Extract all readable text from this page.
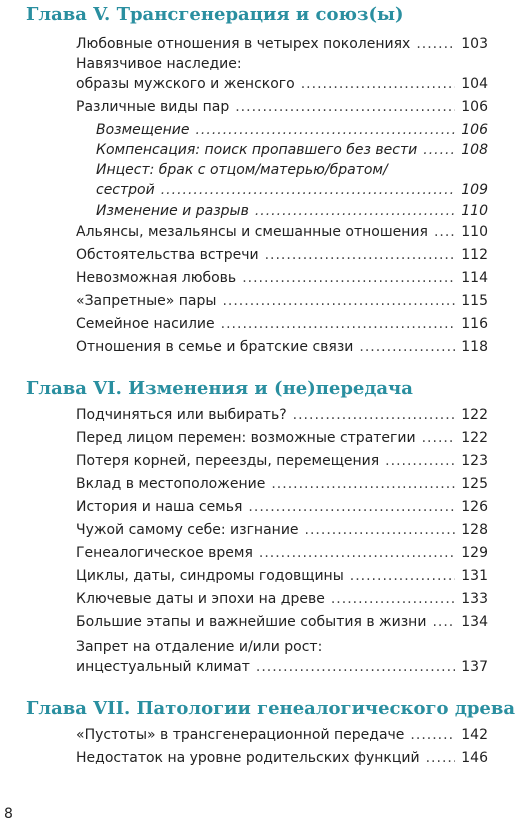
Глава V. Трансгенерация и союз(ы)
Любовные отношения в четырех поколениях .....	103
Навязчивое наследие:
образы мужского и женского .....	104
Различные виды пар .....	106
Возмещение .....	106
Компенсация: поиск пропавшего без вести .....	108
Инцест: брак с отцом/матерью/братом/
сестрой .....	109
Изменение и разрыв .....	110
Альянсы, мезальянсы и смешанные отношения ..... 110
Обстоятельства встречи .....	112
Невозможная любовь .....	114
«Запретные» пары .....	115
Семейное насилие .....	116
Отношения в семье и братские связи .....	118
Глава VI. Изменения и (не)передача
Подчиняться или выбирать? .....	122
Перед лицом перемен: возможные стратегии .....	122
Потеря корней, переезды, перемещения .....	123
Вклад в местоположение .....	125
История и наша семья .....	126
Чужой самому себе: изгнание .....	128
Генеалогическое время .....	129
Циклы, даты, синдромы годовщины .....	131
Ключевые даты и эпохи на древе .....	133
Большие этапы и важнейшие события в жизни ..... 134
Запрет на отдаление и/или рост:
инцестуальный климат .....	137
Глава VII. Патологии генеалогического древа
«Пустоты» в трансгенерационной передаче .....	142
Недостаток на уровне родительских функций .....	146
8
